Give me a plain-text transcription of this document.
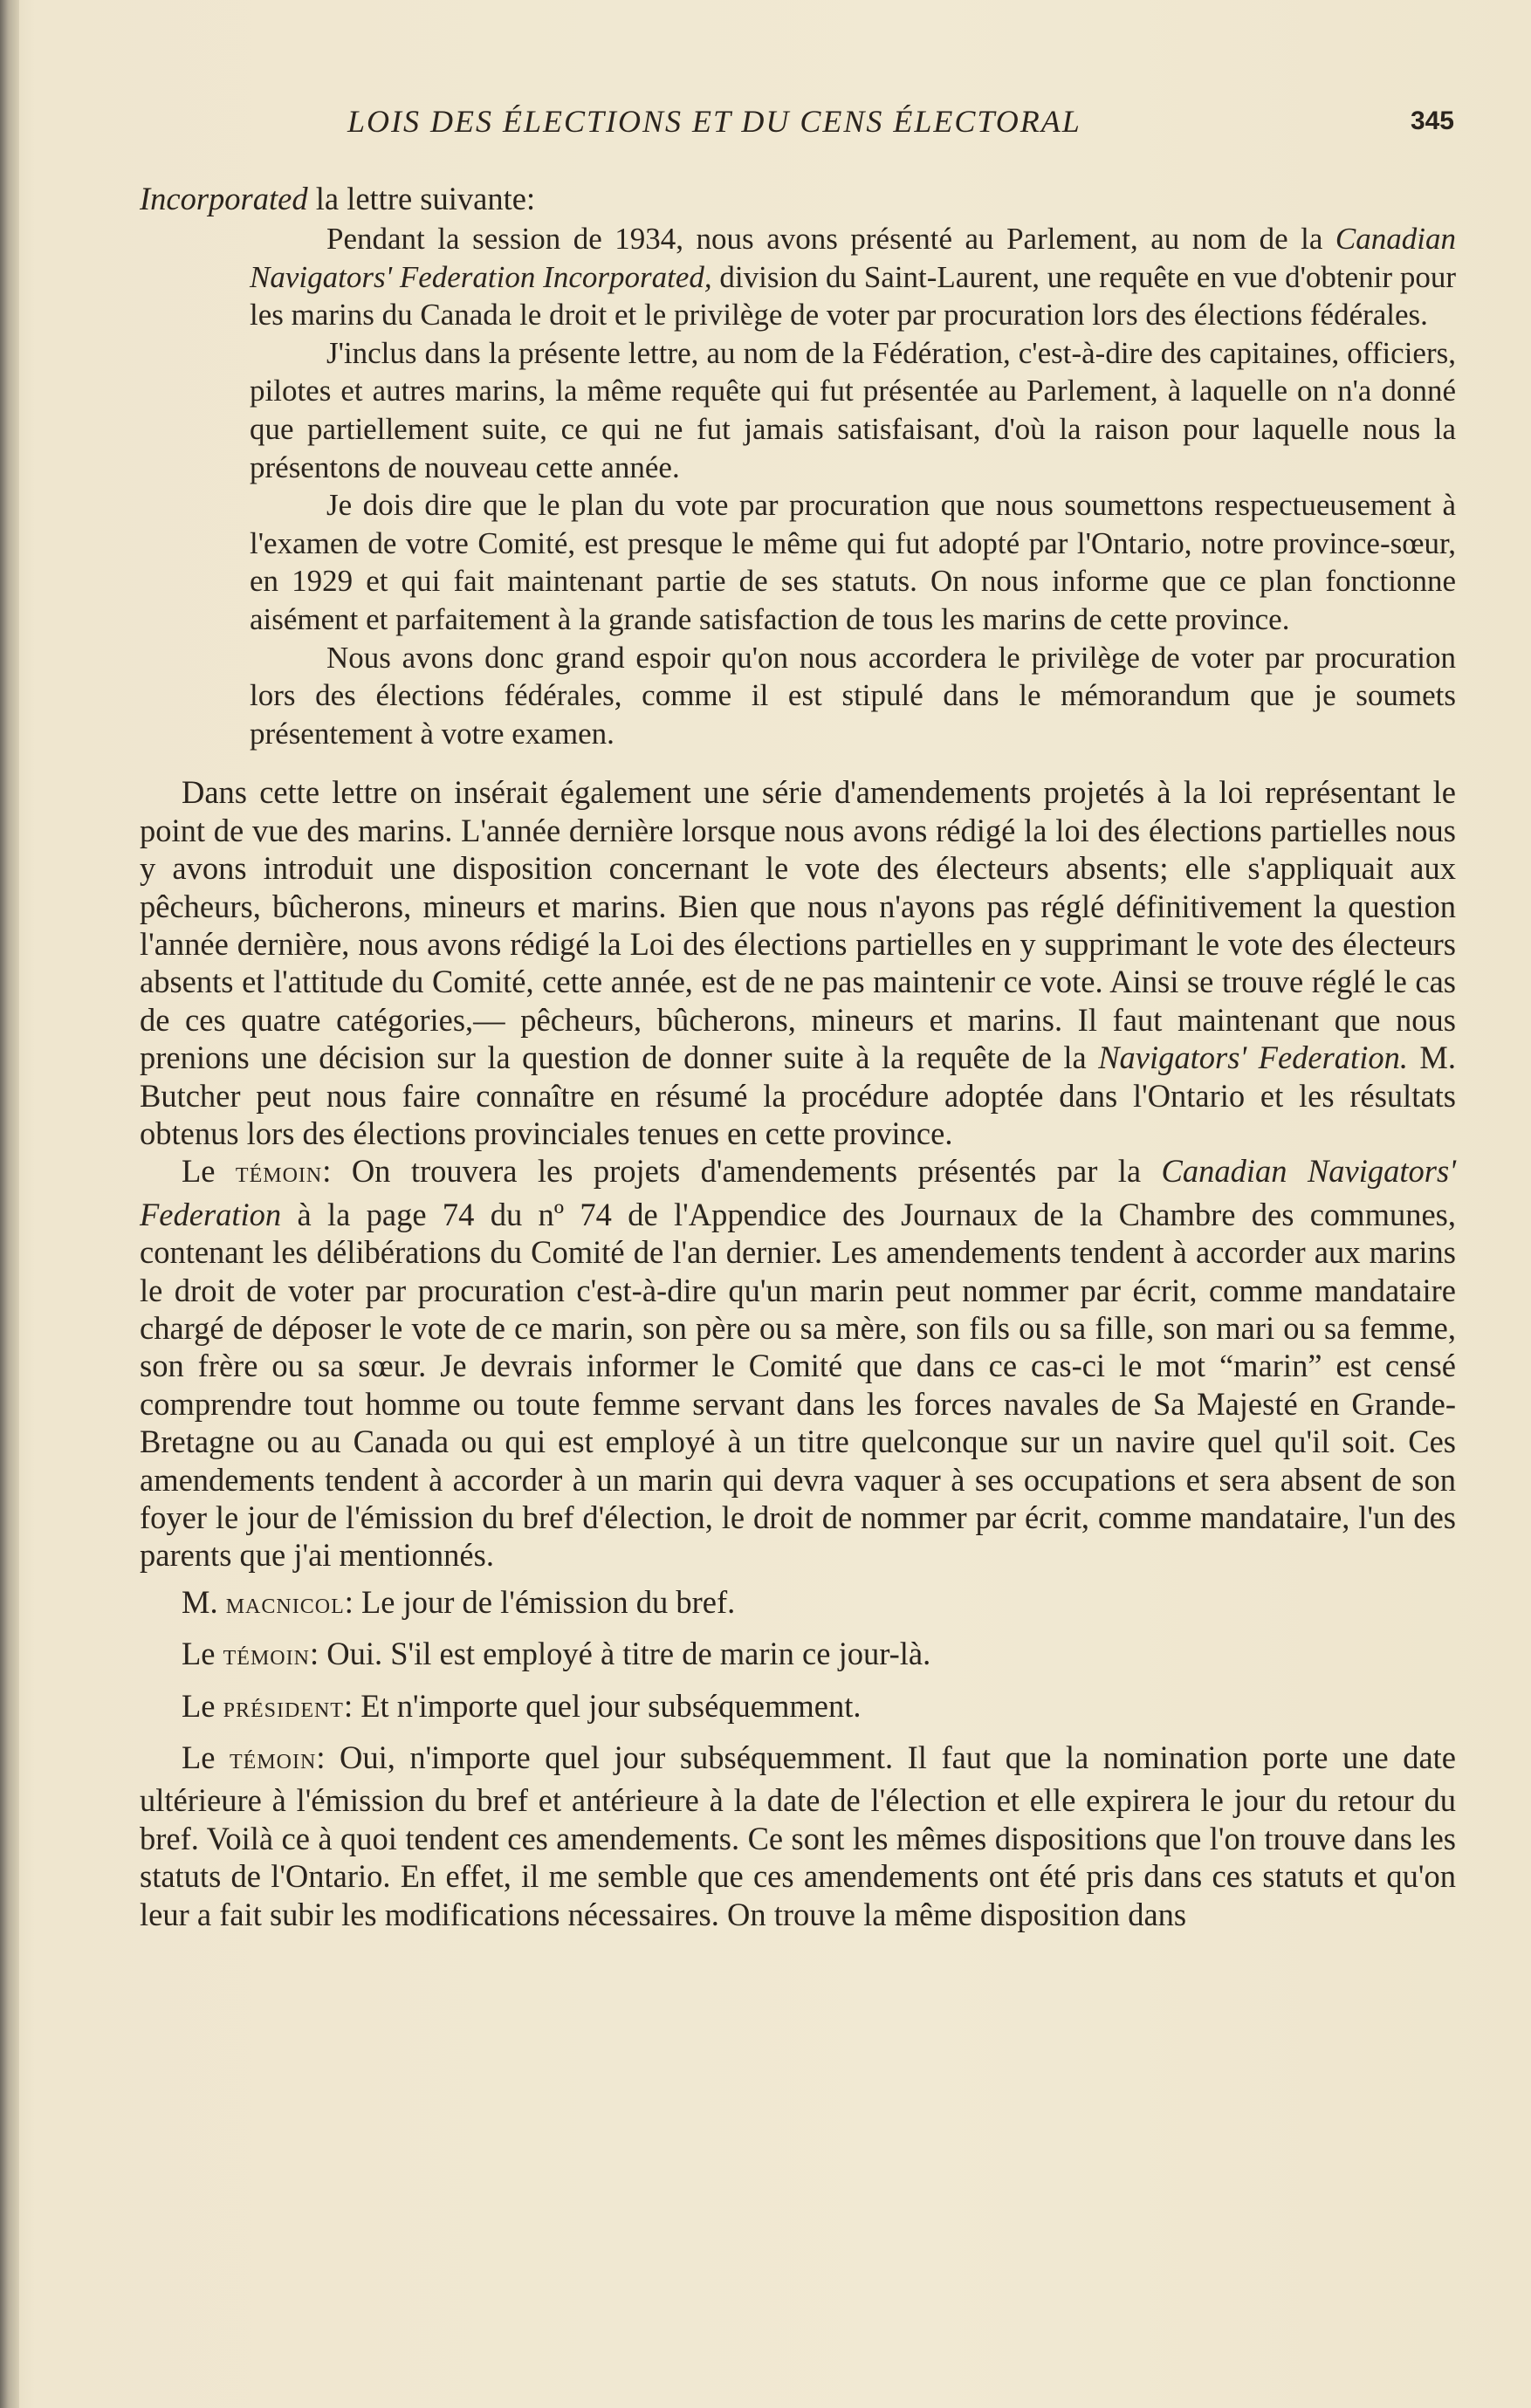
LOIS DES ÉLECTIONS ET DU CENS ÉLECTORAL	345

Incorporated la lettre suivante:

Pendant la session de 1934, nous avons présenté au Parlement, au nom de la Canadian Navigators' Federation Incorporated, division du Saint-Laurent, une requête en vue d'obtenir pour les marins du Canada le droit et le privilège de voter par procuration lors des élections fédérales.

J'inclus dans la présente lettre, au nom de la Fédération, c'est-à-dire des capitaines, officiers, pilotes et autres marins, la même requête qui fut présentée au Parlement, à laquelle on n'a donné que partiellement suite, ce qui ne fut jamais satisfaisant, d'où la raison pour laquelle nous la présentons de nouveau cette année.

Je dois dire que le plan du vote par procuration que nous soumettons respectueusement à l'examen de votre Comité, est presque le même qui fut adopté par l'Ontario, notre province-sœur, en 1929 et qui fait maintenant partie de ses statuts. On nous informe que ce plan fonctionne aisément et parfaitement à la grande satisfaction de tous les marins de cette province.

Nous avons donc grand espoir qu'on nous accordera le privilège de voter par procuration lors des élections fédérales, comme il est stipulé dans le mémorandum que je soumets présentement à votre examen.

Dans cette lettre on insérait également une série d'amendements projetés à la loi représentant le point de vue des marins. L'année dernière lorsque nous avons rédigé la loi des élections partielles nous y avons introduit une disposition concernant le vote des électeurs absents; elle s'appliquait aux pêcheurs, bûcherons, mineurs et marins. Bien que nous n'ayons pas réglé définitivement la question l'année dernière, nous avons rédigé la Loi des élections partielles en y supprimant le vote des électeurs absents et l'attitude du Comité, cette année, est de ne pas maintenir ce vote. Ainsi se trouve réglé le cas de ces quatre catégories,— pêcheurs, bûcherons, mineurs et marins. Il faut maintenant que nous prenions une décision sur la question de donner suite à la requête de la Navigators' Federation. M. Butcher peut nous faire connaître en résumé la procédure adoptée dans l'Ontario et les résultats obtenus lors des élections provinciales tenues en cette province.

Le TÉMOIN: On trouvera les projets d'amendements présentés par la Canadian Navigators' Federation à la page 74 du nº 74 de l'Appendice des Journaux de la Chambre des communes, contenant les délibérations du Comité de l'an dernier. Les amendements tendent à accorder aux marins le droit de voter par procuration c'est-à-dire qu'un marin peut nommer par écrit, comme mandataire chargé de déposer le vote de ce marin, son père ou sa mère, son fils ou sa fille, son mari ou sa femme, son frère ou sa sœur. Je devrais informer le Comité que dans ce cas-ci le mot “marin” est censé comprendre tout homme ou toute femme servant dans les forces navales de Sa Majesté en Grande-Bretagne ou au Canada ou qui est employé à un titre quelconque sur un navire quel qu'il soit. Ces amendements tendent à accorder à un marin qui devra vaquer à ses occupations et sera absent de son foyer le jour de l'émission du bref d'élection, le droit de nommer par écrit, comme mandataire, l'un des parents que j'ai mentionnés.

M. MACNICOL: Le jour de l'émission du bref.

Le TÉMOIN: Oui. S'il est employé à titre de marin ce jour-là.

Le PRÉSIDENT: Et n'importe quel jour subséquemment.

Le TÉMOIN: Oui, n'importe quel jour subséquemment. Il faut que la nomination porte une date ultérieure à l'émission du bref et antérieure à la date de l'élection et elle expirera le jour du retour du bref. Voilà ce à quoi tendent ces amendements. Ce sont les mêmes dispositions que l'on trouve dans les statuts de l'Ontario. En effet, il me semble que ces amendements ont été pris dans ces statuts et qu'on leur a fait subir les modifications nécessaires. On trouve la même disposition dans
